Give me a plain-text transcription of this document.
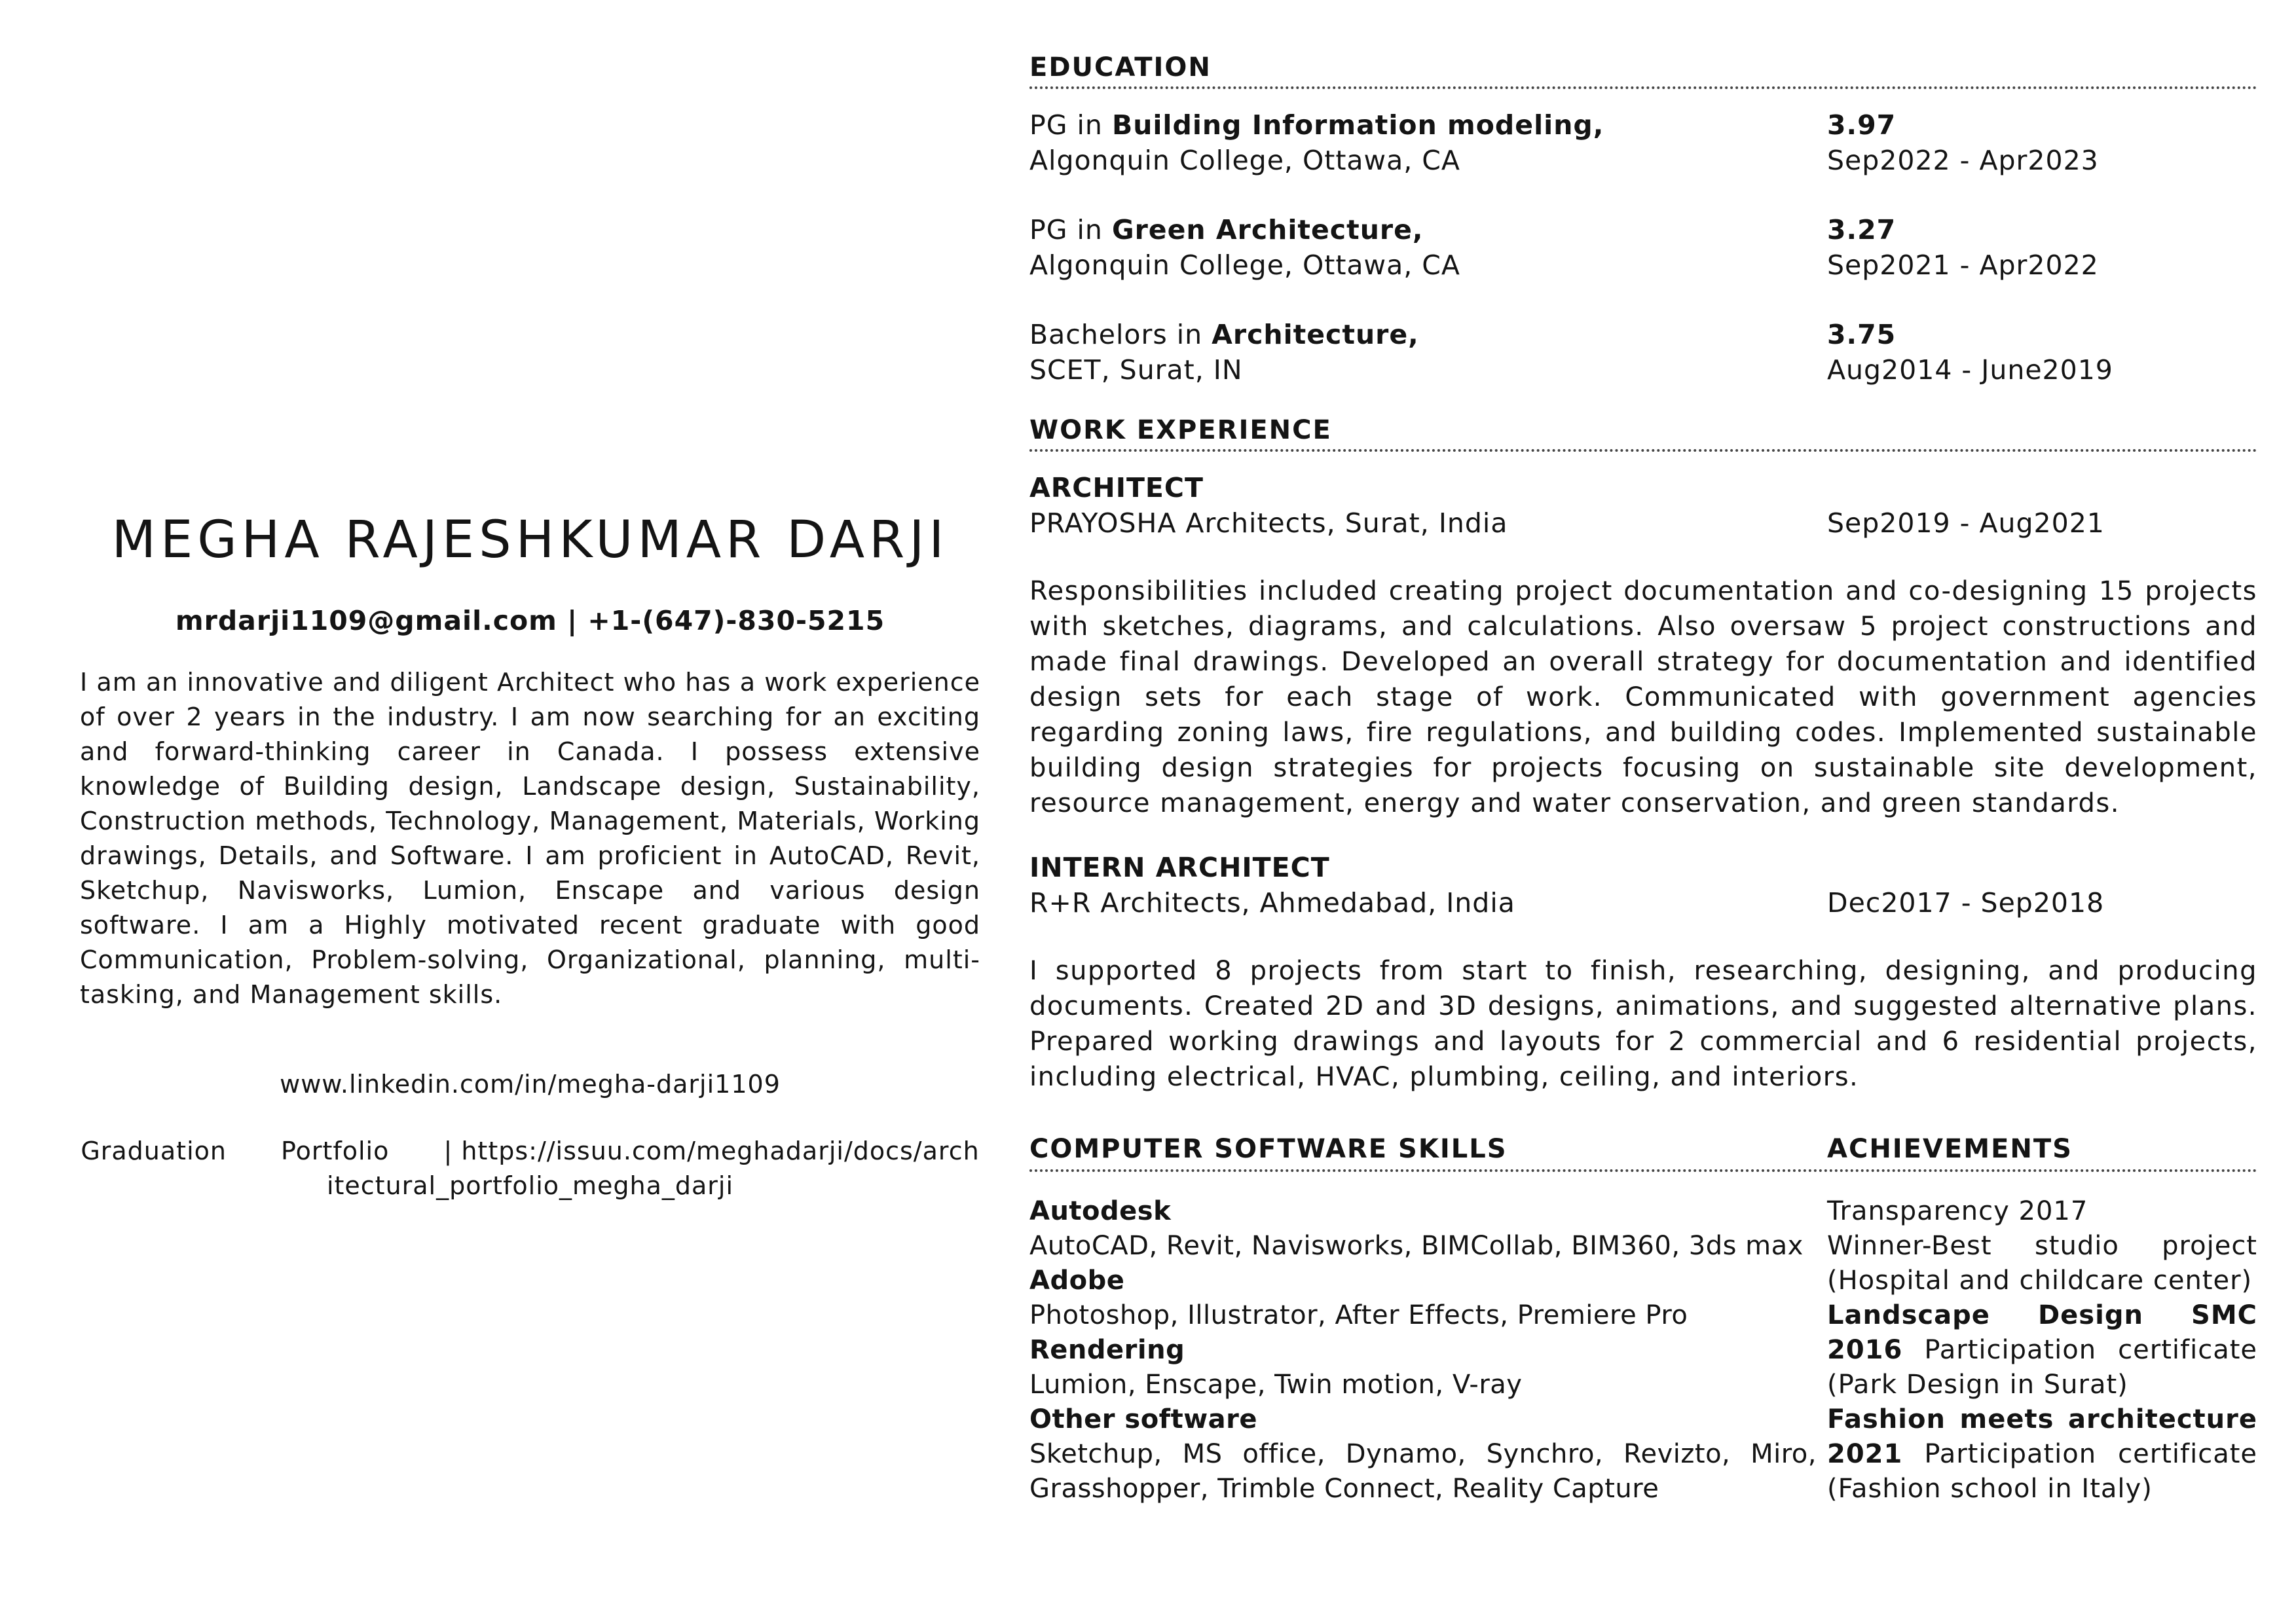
MEGHA RAJESHKUMAR DARJI
mrdarji1109@gmail.com | +1-(647)-830-5215

I am an innovative and diligent Architect who has a work experience of over 2 years in the industry. I am now searching for an exciting and forward-thinking career in Canada. I possess extensive knowledge of Building design, Landscape design, Sustainability, Construction methods, Technology, Management, Materials, Working drawings, Details, and Software. I am proficient in AutoCAD, Revit, Sketchup, Navisworks, Lumion, Enscape and various design software. I am a Highly motivated recent graduate with good Communication, Problem-solving, Organizational, planning, multi-tasking, and Management skills.

www.linkedin.com/in/megha-darji1109
Graduation Portfolio | https://issuu.com/meghadarji/docs/architectural_portfolio_megha_darji
EDUCATION
PG in Building Information modeling,	3.97
Algonquin College, Ottawa, CA	Sep2022 - Apr2023
PG in Green Architecture,	3.27
Algonquin College, Ottawa, CA	Sep2021 - Apr2022
Bachelors in Architecture,	3.75
SCET, Surat, IN	Aug2014 - June2019
WORK EXPERIENCE
ARCHITECT
PRAYOSHA Architects, Surat, India	Sep2019 - Aug2021

Responsibilities included creating project documentation and co-designing 15 projects with sketches, diagrams, and calculations. Also oversaw 5 project constructions and made final drawings. Developed an overall strategy for documentation and identified design sets for each stage of work. Communicated with government agencies regarding zoning laws, fire regulations, and building codes. Implemented sustainable building design strategies for projects focusing on sustainable site development, resource management, energy and water conservation, and green standards.

INTERN ARCHITECT
R+R Architects, Ahmedabad, India	Dec2017 - Sep2018

I supported 8 projects from start to finish, researching, designing, and producing documents. Created 2D and 3D designs, animations, and suggested alternative plans. Prepared working drawings and layouts for 2 commercial and 6 residential projects, including electrical, HVAC, plumbing, ceiling, and interiors.

COMPUTER SOFTWARE SKILLS
Autodesk
AutoCAD, Revit, Navisworks, BIMCollab, BIM360, 3ds max
Adobe
Photoshop, Illustrator, After Effects, Premiere Pro
Rendering
Lumion, Enscape, Twin motion, V-ray
Other software
Sketchup, MS office, Dynamo, Synchro, Revizto, Miro, Grasshopper, Trimble Connect, Reality Capture
ACHIEVEMENTS
Transparency 2017
Winner-Best studio project (Hospital and childcare center)
Landscape Design SMC 2016 Participation certificate (Park Design in Surat)
Fashion meets architecture 2021 Participation certificate (Fashion school in Italy)
